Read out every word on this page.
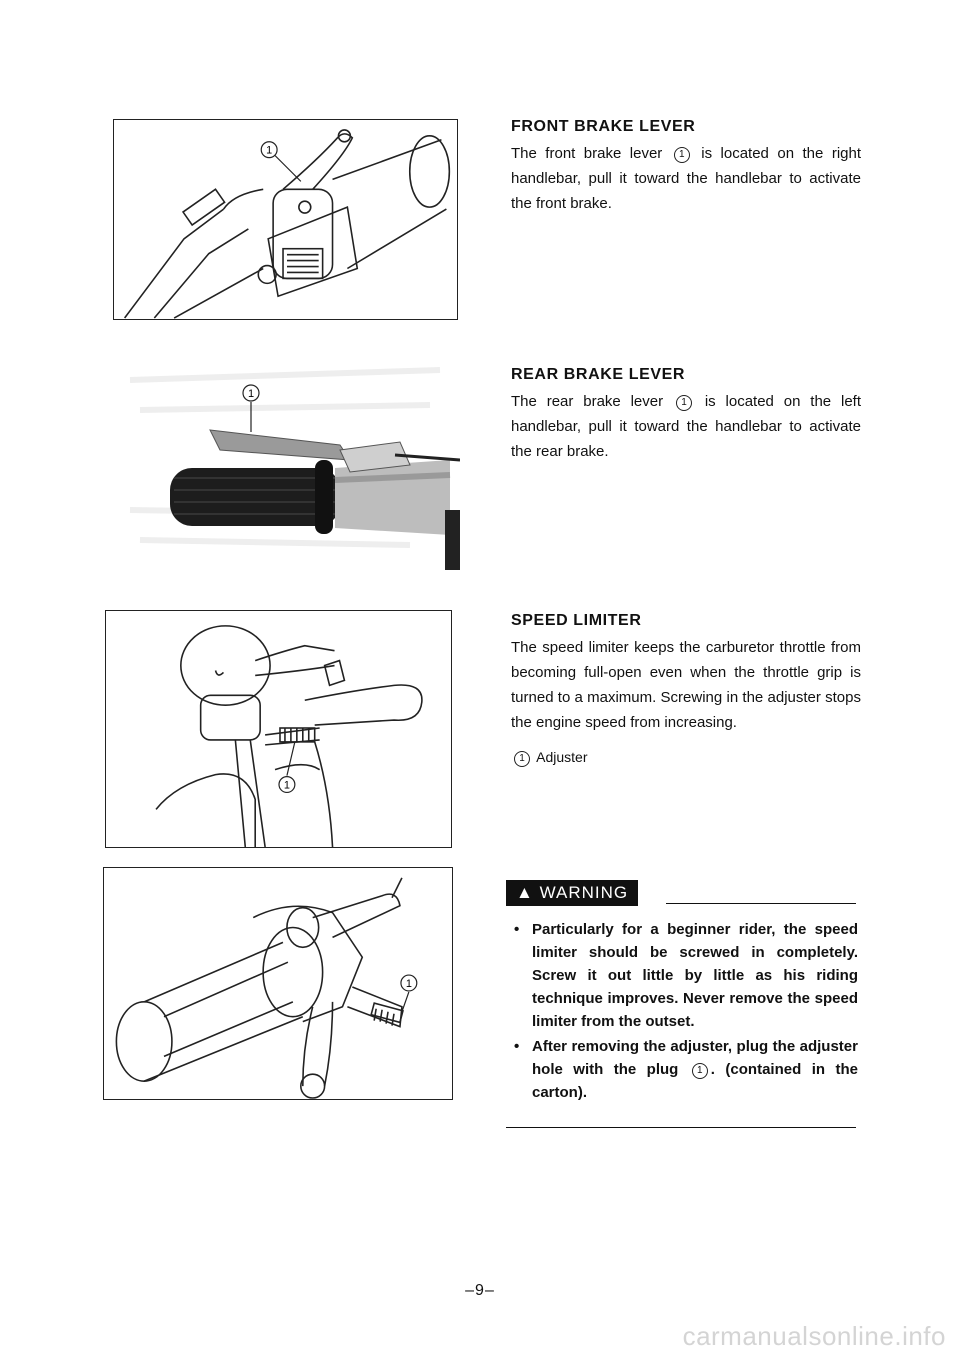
1
1
1
1
FRONT BRAKE LEVER

The front brake lever 1 is located on the right handlebar, pull it toward the handlebar to activate the front brake.

REAR BRAKE LEVER

The rear brake lever 1 is located on the left handlebar, pull it toward the handlebar to activate the rear brake.

SPEED LIMITER

The speed limiter keeps the carburetor throttle from becoming full-open even when the throttle grip is turned to a maximum. Screwing in the adjuster stops the engine speed from increasing.

1 Adjuster
▲ WARNING
• Particularly for a beginner rider, the speed limiter should be screwed in completely. Screw it out little by little as his riding technique improves. Never remove the speed limiter from the outset.
• After removing the adjuster, plug the adjuster hole with the plug 1 . (contained in the carton).
–9–
carmanualsonline.info
